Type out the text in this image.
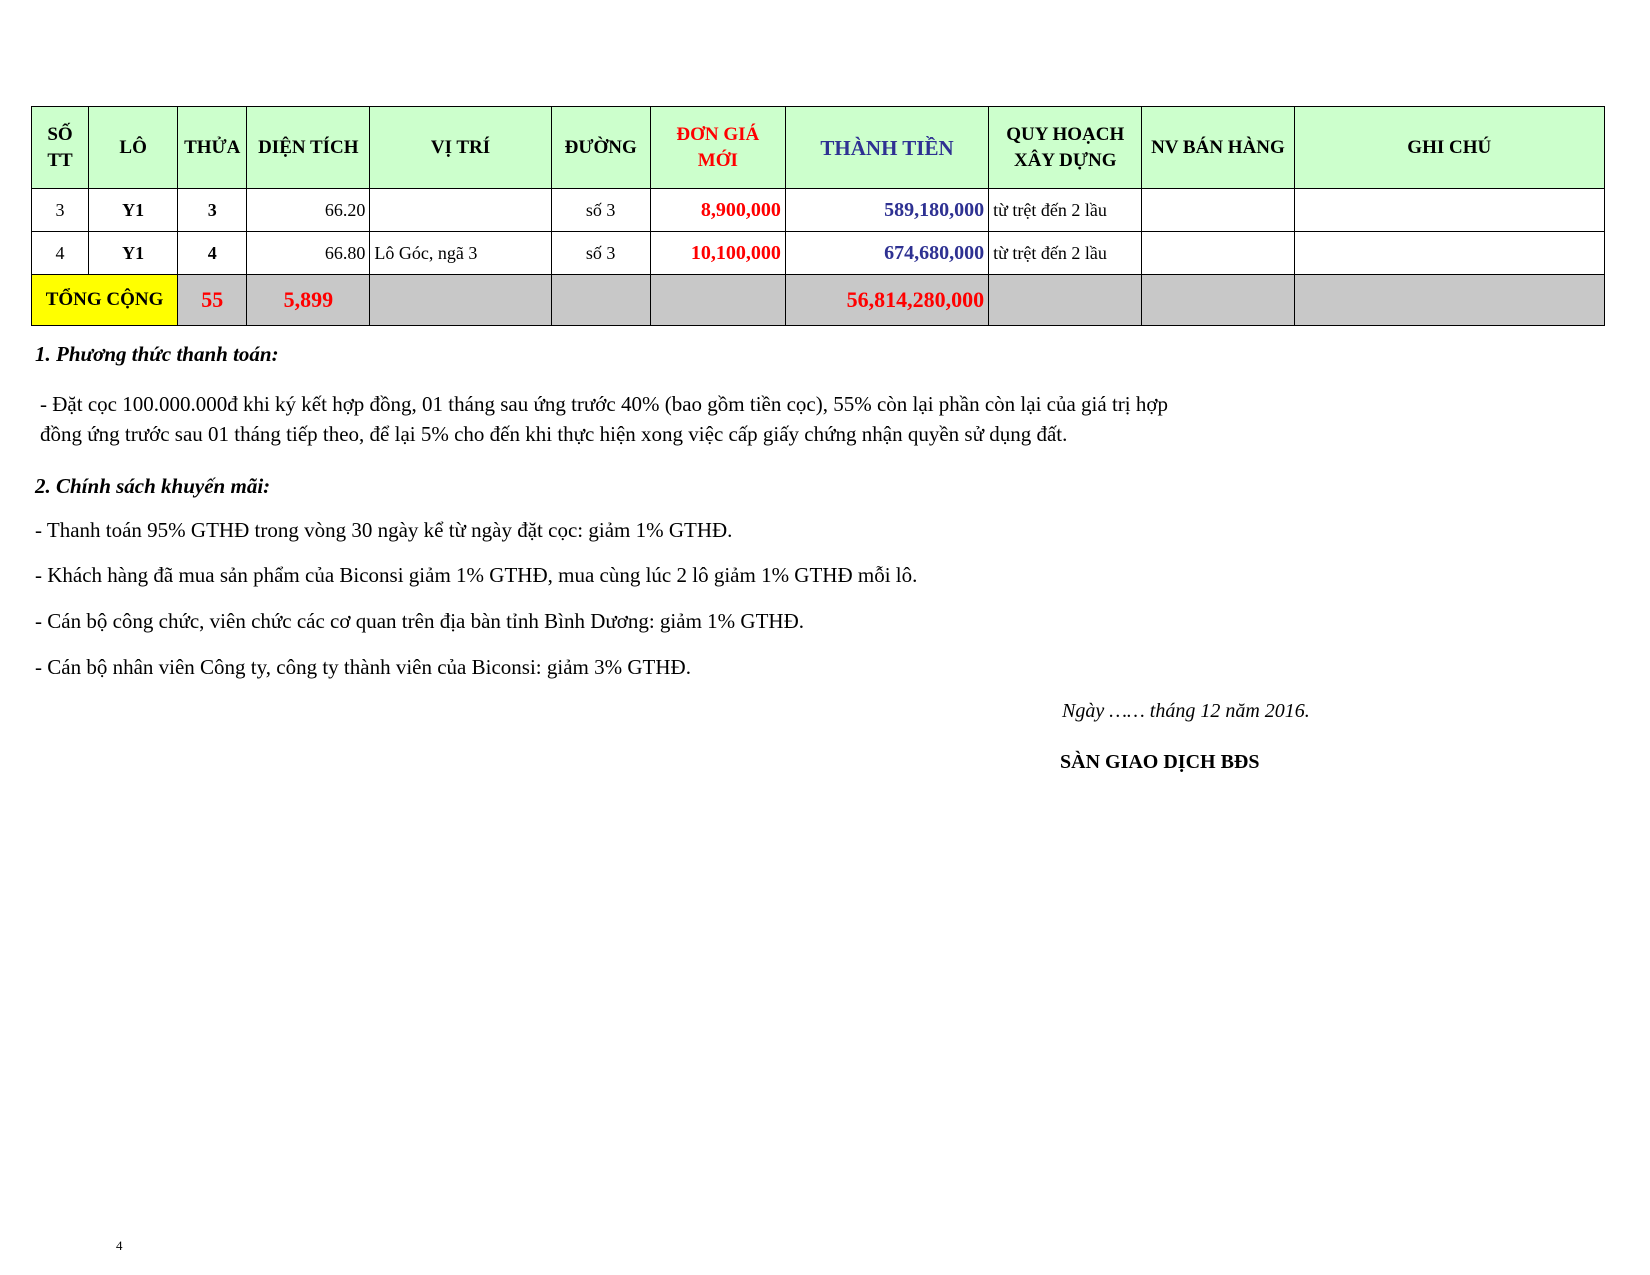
SỐ TT	LÔ	THỬA	DIỆN TÍCH	VỊ TRÍ	ĐƯỜNG	ĐƠN GIÁ MỚI	THÀNH TIỀN	QUY HOẠCH XÂY DỰNG	NV BÁN HÀNG	GHI CHÚ
3	Y1	3	66.20		số 3	8,900,000	589,180,000	từ trệt đến 2 lầu		
4	Y1	4	66.80	Lô Góc, ngã 3	số 3	10,100,000	674,680,000	từ trệt đến 2 lầu		
TỔNG CỘNG		55	5,899				56,814,280,000			

1. Phương thức thanh toán:

- Đặt cọc 100.000.000đ khi ký kết hợp đồng, 01 tháng sau ứng trước 40% (bao gồm tiền cọc), 55% còn lại phần còn lại của giá trị hợp

đồng ứng trước sau 01 tháng tiếp theo, để lại 5% cho đến khi thực hiện xong việc cấp giấy chứng nhận quyền sử dụng đất.

2. Chính sách khuyến mãi:

- Thanh toán 95% GTHĐ trong vòng 30 ngày kể từ ngày đặt cọc: giảm 1% GTHĐ.

- Khách hàng đã mua sản phẩm của Biconsi giảm 1% GTHĐ, mua cùng lúc 2 lô giảm 1% GTHĐ mỗi lô.

- Cán bộ công chức, viên chức các cơ quan trên địa bàn tỉnh Bình Dương: giảm 1% GTHĐ.

- Cán bộ nhân viên Công ty, công ty thành viên của Biconsi: giảm 3% GTHĐ.

Ngày …… tháng 12 năm 2016.

SÀN GIAO DỊCH BĐS

4
